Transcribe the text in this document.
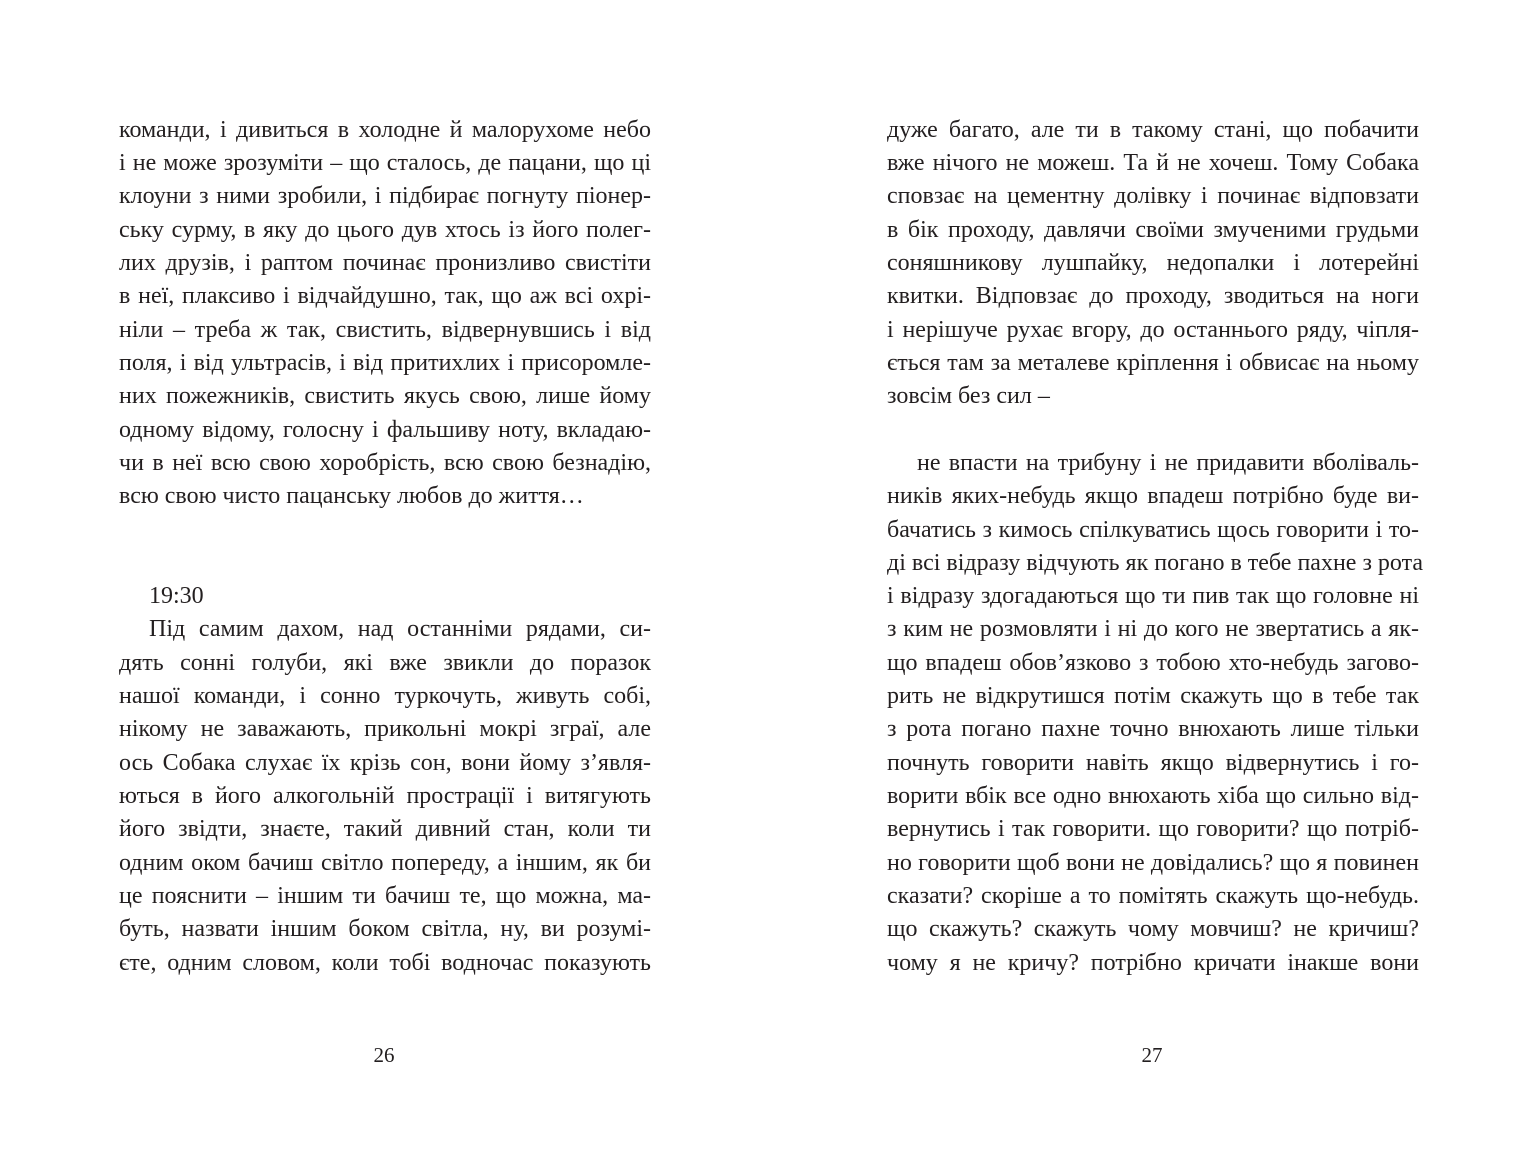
команди, і дивиться в холодне й малорухоме небо
і не може зрозуміти – що сталось, де пацани, що ці
клоуни з ними зробили, і підбирає погнуту піонер-
ську сурму, в яку до цього дув хтось із його полег-
лих друзів, і раптом починає пронизливо свистіти
в неї, плаксиво і відчайдушно, так, що аж всі охрі-
ніли – треба ж так, свистить, відвернувшись і від
поля, і від ультрасів, і від притихлих і присоромле-
них пожежників, свистить якусь свою, лише йому
одному відому, голосну і фальшиву ноту, вкладаю-
чи в неї всю свою хоробрість, всю свою безнадію,
всю свою чисто пацанську любов до життя…
19:30
Під самим дахом, над останніми рядами, си-
дять сонні голуби, які вже звикли до поразок
нашої команди, і сонно туркочуть, живуть собі,
нікому не заважають, прикольні мокрі зграї, але
ось Собака слухає їх крізь сон, вони йому з’явля-
ються в його алкогольній прострації і витягують
його звідти, знаєте, такий дивний стан, коли ти
одним оком бачиш світло попереду, а іншим, як би
це пояснити – іншим ти бачиш те, що можна, ма-
буть, назвати іншим боком світла, ну, ви розумі-
єте, одним словом, коли тобі водночас показують
26
дуже багато, але ти в такому стані, що побачити
вже нічого не можеш. Та й не хочеш. Тому Собака
сповзає на цементну долівку і починає відповзати
в бік проходу, давлячи своїми змученими грудьми
соняшникову лушпайку, недопалки і лотерейні
квитки. Відповзає до проходу, зводиться на ноги
і нерішуче рухає вгору, до останнього ряду, чіпля-
ється там за металеве кріплення і обвисає на ньому
зовсім без сил –
не впасти на трибуну і не придавити вболіваль-
ників яких-небудь якщо впадеш потрібно буде ви-
бачатись з кимось спілкуватись щось говорити і то-
ді всі відразу відчують як погано в тебе пахне з рота
і відразу здогадаються що ти пив так що головне ні
з ким не розмовляти і ні до кого не звертатись а як-
що впадеш обов’язково з тобою хто-небудь загово-
рить не відкрутишся потім скажуть що в тебе так
з рота погано пахне точно внюхають лише тільки
почнуть говорити навіть якщо відвернутись і го-
ворити вбік все одно внюхають хіба що сильно від-
вернутись і так говорити. що говорити? що потріб-
но говорити щоб вони не довідались? що я повинен
сказати? скоріше а то помітять скажуть що-небудь.
що скажуть? скажуть чому мовчиш? не кричиш?
чому я не кричу? потрібно кричати інакше вони
27
